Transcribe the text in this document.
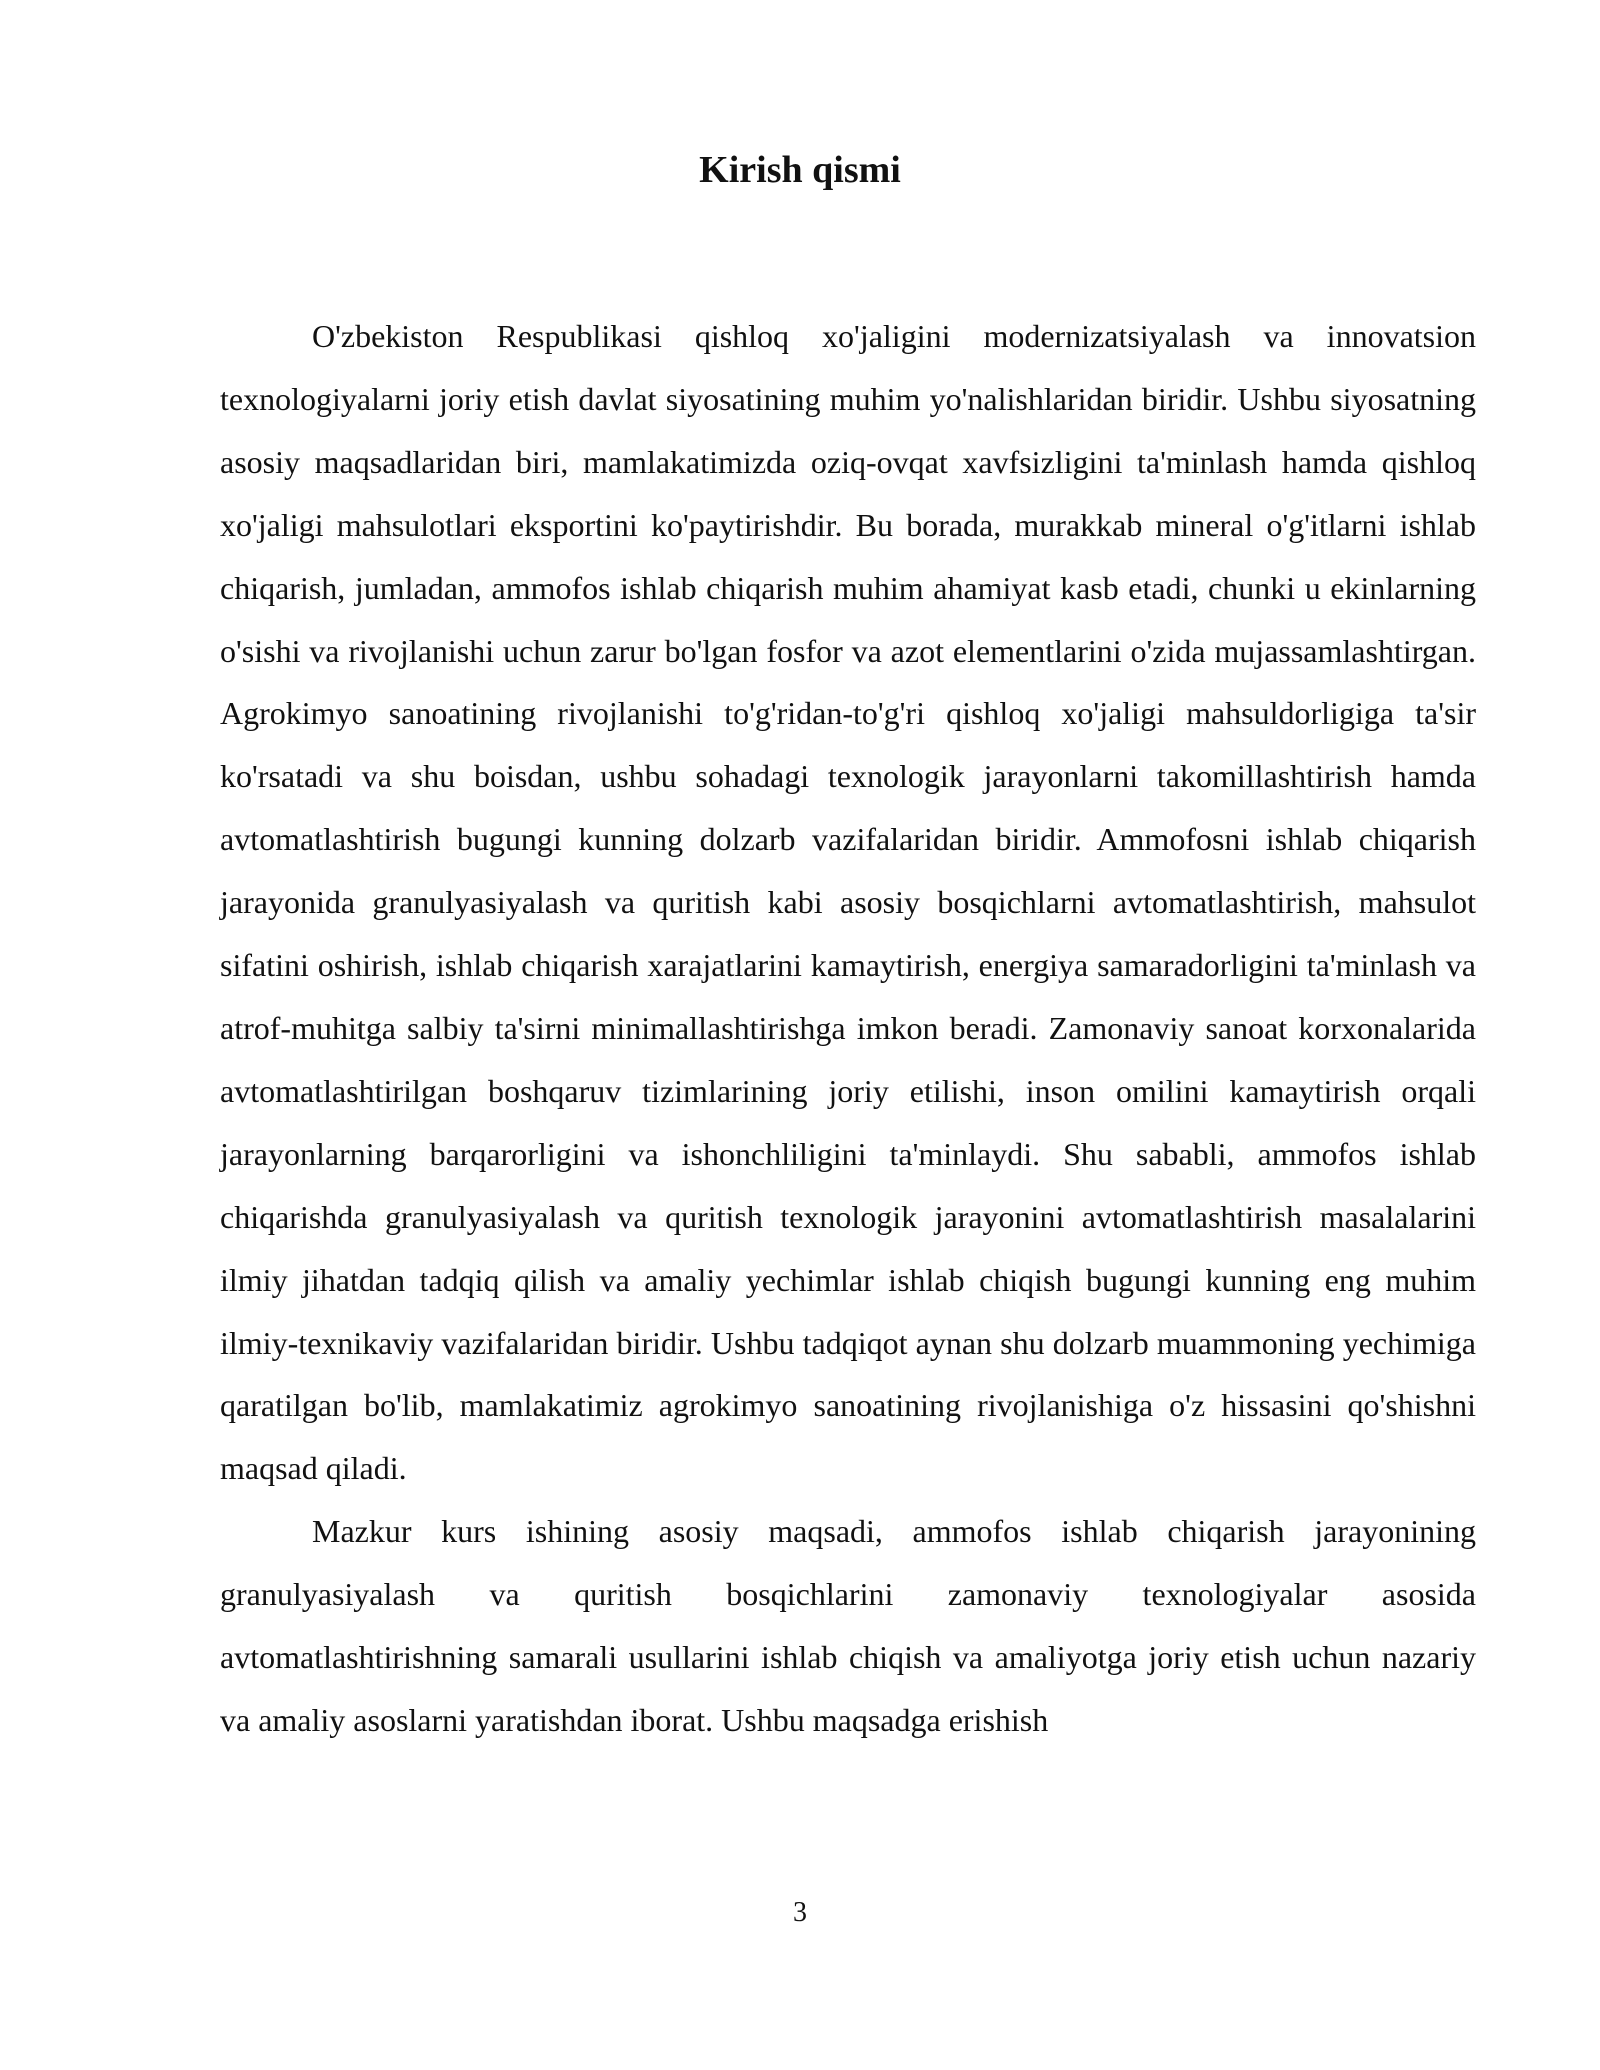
Kirish qismi

O'zbekiston Respublikasi qishloq xo'jaligini modernizatsiyalash va innovatsion texnologiyalarni joriy etish davlat siyosatining muhim yo'nalishlaridan biridir. Ushbu siyosatning asosiy maqsadlaridan biri, mamlakatimizda oziq-ovqat xavfsizligini ta'minlash hamda qishloq xo'jaligi mahsulotlari eksportini ko'paytirishdir. Bu borada, murakkab mineral o'g'itlarni ishlab chiqarish, jumladan, ammofos ishlab chiqarish muhim ahamiyat kasb etadi, chunki u ekinlarning o'sishi va rivojlanishi uchun zarur bo'lgan fosfor va azot elementlarini o'zida mujassamlashtirgan. Agrokimyo sanoatining rivojlanishi to'g'ridan-to'g'ri qishloq xo'jaligi mahsuldorligiga ta'sir ko'rsatadi va shu boisdan, ushbu sohadagi texnologik jarayonlarni takomillashtirish hamda avtomatlashtirish bugungi kunning dolzarb vazifalaridan biridir. Ammofosni ishlab chiqarish jarayonida granulyasiyalash va quritish kabi asosiy bosqichlarni avtomatlashtirish, mahsulot sifatini oshirish, ishlab chiqarish xarajatlarini kamaytirish, energiya samaradorligini ta'minlash va atrof-muhitga salbiy ta'sirni minimallashtirishga imkon beradi. Zamonaviy sanoat korxonalarida avtomatlashtirilgan boshqaruv tizimlarining joriy etilishi, inson omilini kamaytirish orqali jarayonlarning barqarorligini va ishonchliligini ta'minlaydi. Shu sababli, ammofos ishlab chiqarishda granulyasiyalash va quritish texnologik jarayonini avtomatlashtirish masalalarini ilmiy jihatdan tadqiq qilish va amaliy yechimlar ishlab chiqish bugungi kunning eng muhim ilmiy-texnikaviy vazifalaridan biridir. Ushbu tadqiqot aynan shu dolzarb muammoning yechimiga qaratilgan bo'lib, mamlakatimiz agrokimyo sanoatining rivojlanishiga o'z hissasini qo'shishni maqsad qiladi.

Mazkur kurs ishining asosiy maqsadi, ammofos ishlab chiqarish jarayonining granulyasiyalash va quritish bosqichlarini zamonaviy texnologiyalar asosida avtomatlashtirishning samarali usullarini ishlab chiqish va amaliyotga joriy etish uchun nazariy va amaliy asoslarni yaratishdan iborat. Ushbu maqsadga erishish

3
